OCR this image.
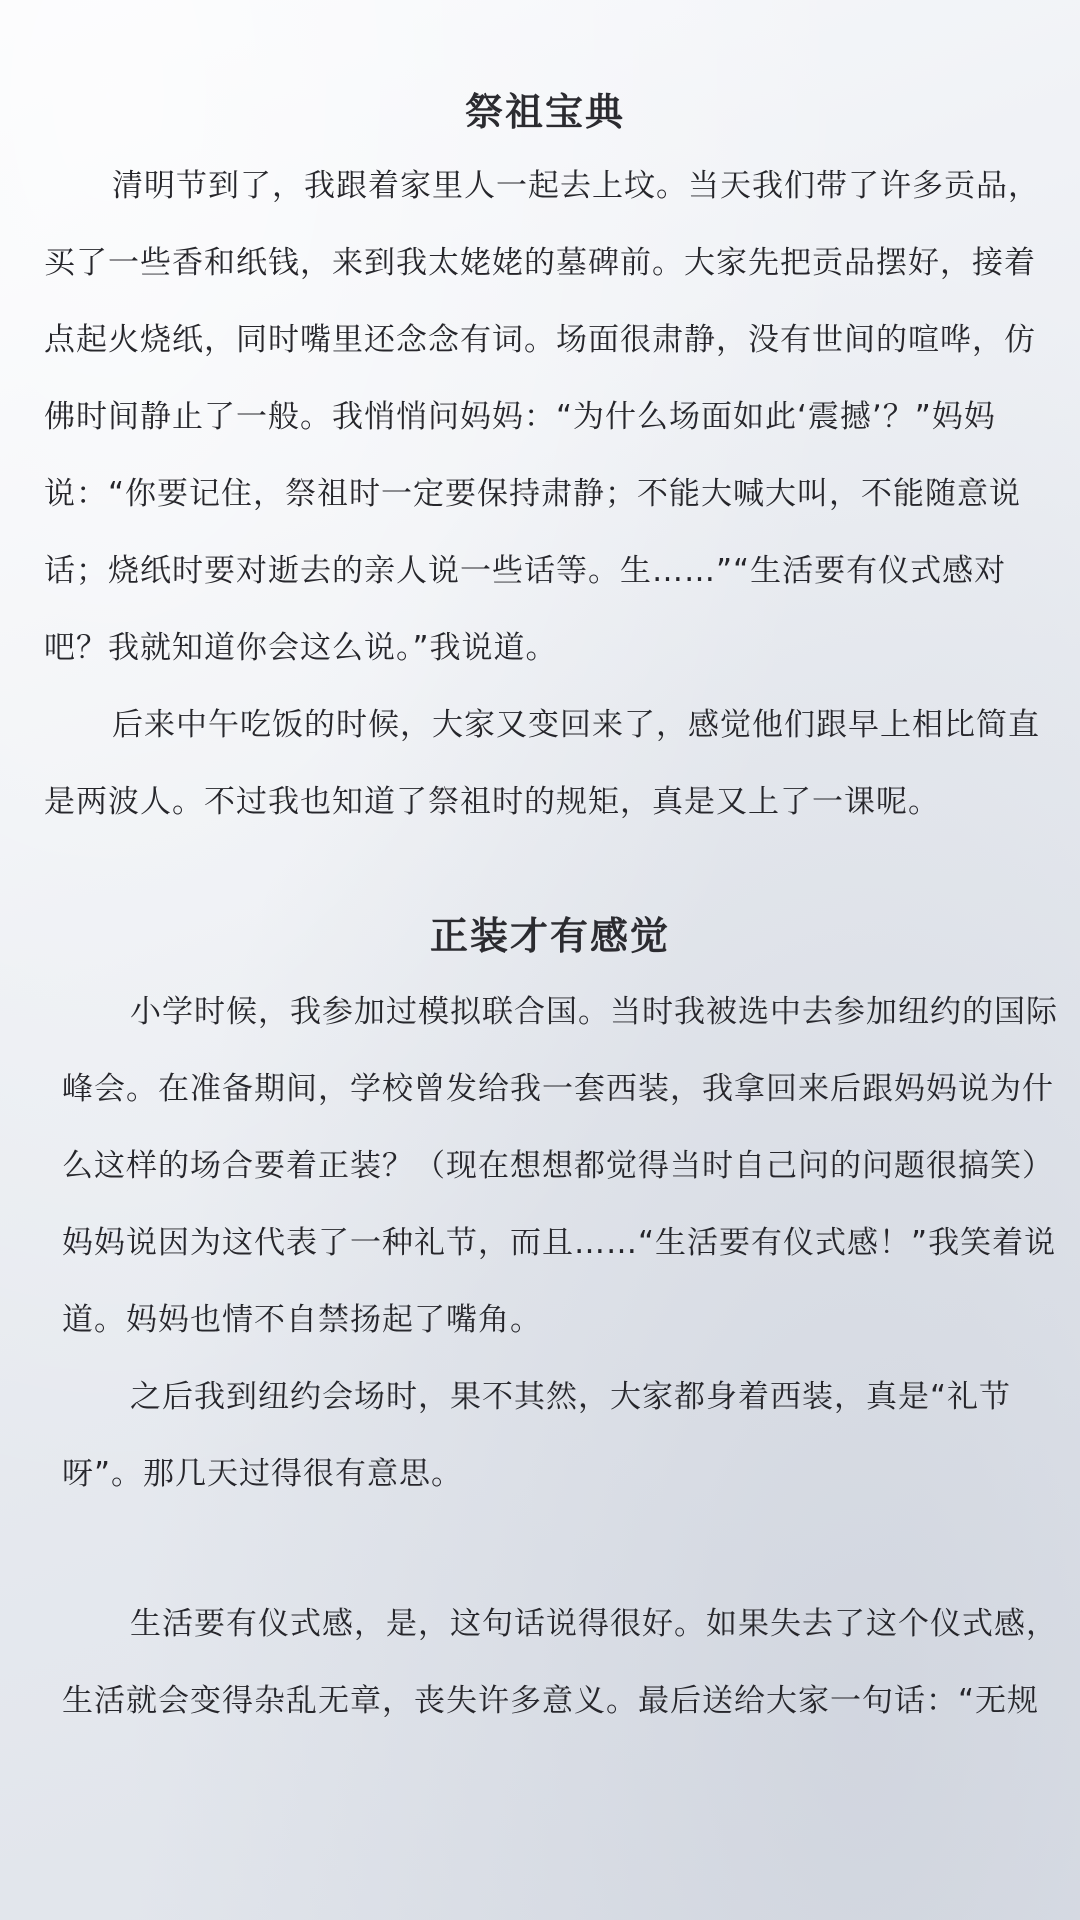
祭祖宝典

清明节到了，我跟着家里人一起去上坟。当天我们带了许多贡品，买了一些香和纸钱，来到我太姥姥的墓碑前。大家先把贡品摆好，接着点起火烧纸，同时嘴里还念念有词。场面很肃静，没有世间的喧哗，仿佛时间静止了一般。我悄悄问妈妈：“为什么场面如此‘震撼’？”妈妈说：“你要记住，祭祖时一定要保持肃静；不能大喊大叫，不能随意说话；烧纸时要对逝去的亲人说一些话等。生……”“生活要有仪式感对吧？我就知道你会这么说。”我说道。

后来中午吃饭的时候，大家又变回来了，感觉他们跟早上相比简直是两波人。不过我也知道了祭祖时的规矩，真是又上了一课呢。

正装才有感觉

小学时候，我参加过模拟联合国。当时我被选中去参加纽约的国际峰会。在准备期间，学校曾发给我一套西装，我拿回来后跟妈妈说为什么这样的场合要着正装？（现在想想都觉得当时自己问的问题很搞笑）妈妈说因为这代表了一种礼节，而且……“生活要有仪式感！”我笑着说道。妈妈也情不自禁扬起了嘴角。

之后我到纽约会场时，果不其然，大家都身着西装，真是“礼节呀”。那几天过得很有意思。

生活要有仪式感，是，这句话说得很好。如果失去了这个仪式感，生活就会变得杂乱无章，丧失许多意义。最后送给大家一句话：“无规
